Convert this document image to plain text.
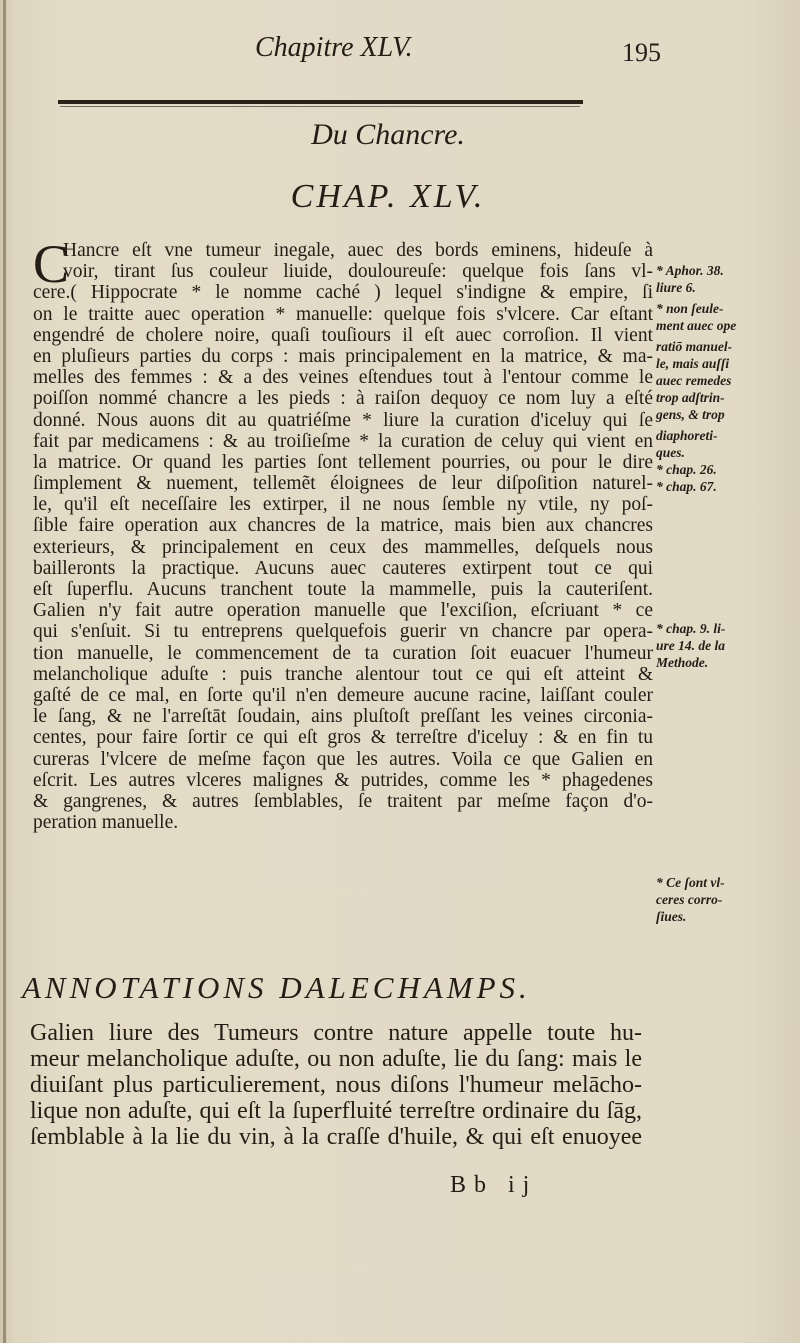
Chapitre XLV.	195
Du Chancre.
CHAP. XLV.
C
Hancre eſt vne tumeur inegale, auec des bords eminens, hideuſe à
voir, tirant ſus couleur liuide, douloureuſe: quelque fois ſans vl-
cere.( Hippocrate * le nomme caché ) lequel s'indigne & empire, ſi
on le traitte auec operation * manuelle: quelque fois s'vlcere. Car eſtant
engendré de cholere noire, quaſi touſiours il eſt auec corroſion. Il vient
en pluſieurs parties du corps : mais principalement en la matrice, & ma-
melles des femmes : & a des veines eſtendues tout à l'entour comme le
poiſſon nommé chancre a les pieds : à raiſon dequoy ce nom luy a eſté
donné. Nous auons dit au quatriéſme * liure la curation d'iceluy qui ſe
fait par medicamens : & au troiſieſme * la curation de celuy qui vient en
la matrice. Or quand les parties ſont tellement pourries, ou pour le dire
ſimplement & nuement, tellemẽt éloignees de leur diſpoſition naturel-
le, qu'il eſt neceſſaire les extirper, il ne nous ſemble ny vtile, ny poſ-
ſible faire operation aux chancres de la matrice, mais bien aux chancres
exterieurs, & principalement en ceux des mammelles, deſquels nous
bailleronts la practique. Aucuns auec cauteres extirpent tout ce qui
eſt ſuperflu. Aucuns tranchent toute la mammelle, puis la cauteriſent.
Galien n'y fait autre operation manuelle que l'exciſion, eſcriuant * ce
qui s'enſuit. Si tu entreprens quelquefois guerir vn chancre par opera-
tion manuelle, le commencement de ta curation ſoit euacuer l'humeur
melancholique aduſte : puis tranche alentour tout ce qui eſt atteint &
gaſté de ce mal, en ſorte qu'il n'en demeure aucune racine, laiſſant couler
le ſang, & ne l'arreſtāt ſoudain, ains pluſtoſt preſſant les veines circonia-
centes, pour faire ſortir ce qui eſt gros & terreſtre d'iceluy : & en fin tu
cureras l'vlcere de meſme façon que les autres. Voila ce que Galien en
eſcrit. Les autres vlceres malignes & putrides, comme les * phagedenes
& gangrenes, & autres ſemblables, ſe traitent par meſme façon d'o-
peration manuelle.
* Aphor. 38.
liure 6.
* non ſeule-
ment auec ope
ratiō manuel-
le, mais auſſi
auec remedes
trop adſtrin-
gens, & trop
diaphoreti-
ques.
* chap. 26.
* chap. 67.
* chap. 9. li-
ure 14. de la
Methode.
* Ce ſont vl-
ceres corro-
ſiues.
ANNOTATIONS DALECHAMPS.
Galien liure des Tumeurs contre nature appelle toute hu-
meur melancholique aduſte, ou non aduſte, lie du ſang: mais le
diuiſant plus particulierement, nous diſons l'humeur melācho-
lique non aduſte, qui eſt la ſuperfluité terreſtre ordinaire du ſāg,
ſemblable à la lie du vin, à la craſſe d'huile, & qui eſt enuoyee
Bb ij
